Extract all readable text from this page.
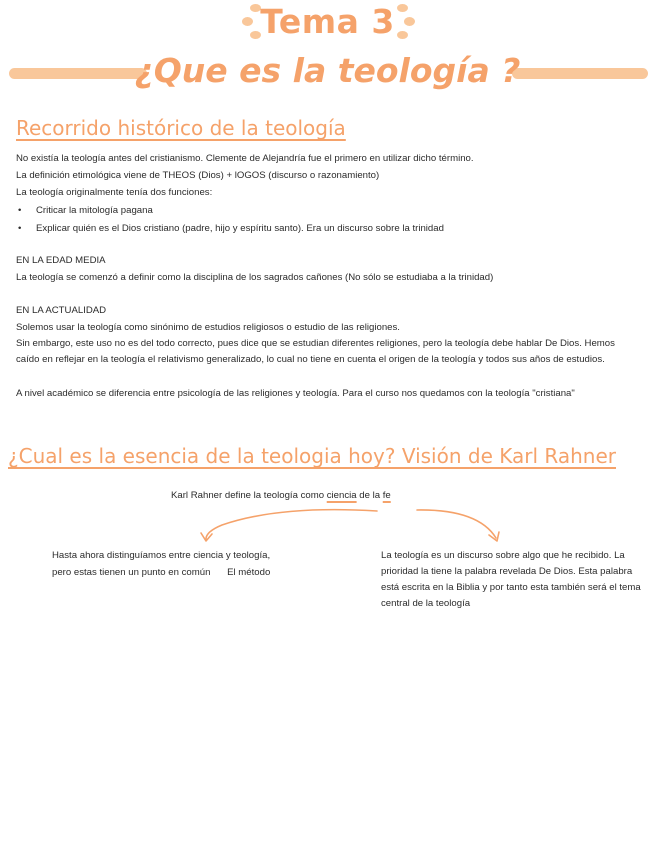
Tema 3
¿Que es la teología ?
Recorrido histórico de la teología
No existía la teología antes del cristianismo. Clemente de Alejandría fue el primero en utilizar dicho término.
La definición etimológica viene de THEOS (Dios) + lOGOS (discurso o razonamiento)
La teología originalmente tenía dos funciones:
• Criticar la mitología pagana
• Explicar quién es el Dios cristiano (padre, hijo y espíritu santo). Era un discurso sobre la trinidad
EN LA EDAD MEDIA
La teología se comenzó a definir como la disciplina de los sagrados cañones (No sólo se estudiaba a la trinidad)
EN LA ACTUALIDAD
Solemos usar la teología como sinónimo de estudios religiosos o estudio de las religiones.
Sin embargo, este uso no es del todo correcto, pues dice que se estudian diferentes religiones, pero la teología debe hablar De Dios. Hemos caído en reflejar en la teología el relativismo generalizado, lo cual no tiene en cuenta el origen de la teología y todos sus años de estudios.
A nivel académico se diferencia entre psicología de las religiones y teología. Para el curso nos quedamos con la teología "cristiana"
¿Cual es la esencia de la teologia hoy? Visión de Karl Rahner
Karl Rahner define la teología como ciencia de la fe
Hasta ahora distinguíamos entre ciencia y teología,
pero estas tienen un punto en común El método
La teología es un discurso sobre algo que he recibido. La prioridad la tiene la palabra revelada De Dios. Esta palabra está escrita en la Biblia y por tanto esta también será el tema central de la teología
